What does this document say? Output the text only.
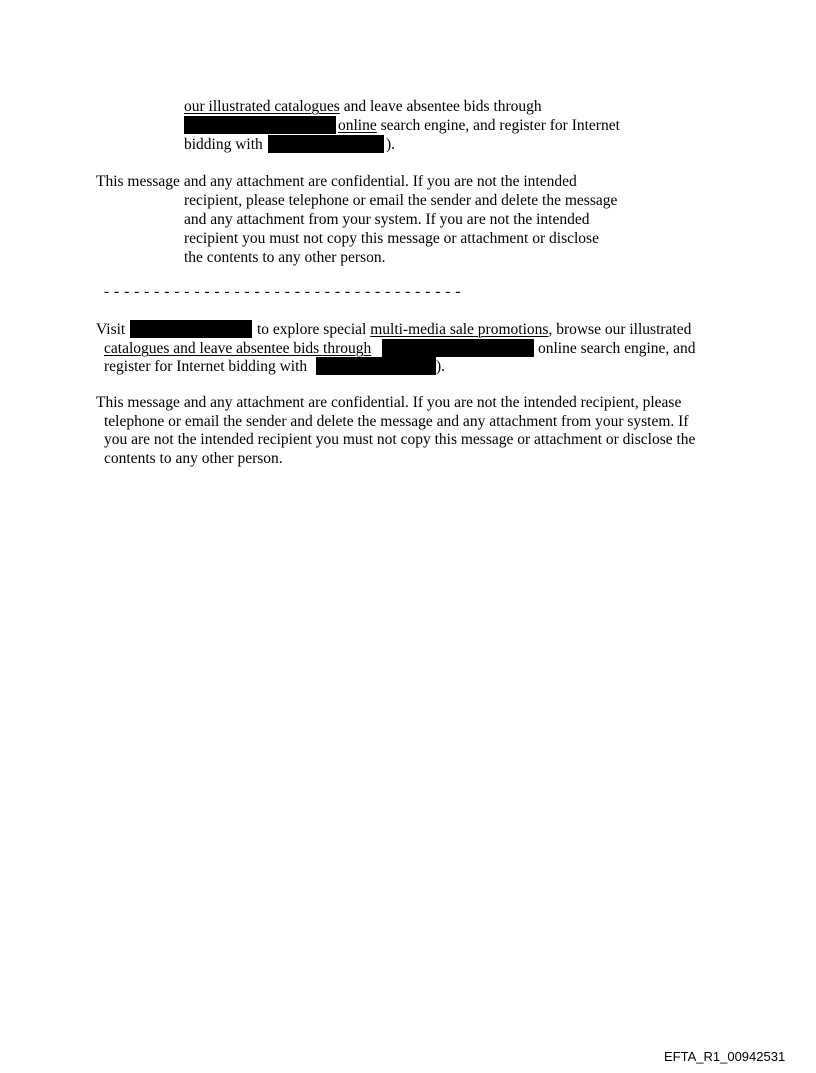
our illustrated catalogues and leave absentee bids through
online search engine, and register for Internet
bidding with	).
This message and any attachment are confidential. If you are not the intended
recipient, please telephone or email the sender and delete the message
and any attachment from your system. If you are not the intended
recipient you must not copy this message or attachment or disclose
the contents to any other person.
- - - - - - - - - - - - - - - - - - - - - - - - - - - - - - - - - - - -
Visit	to explore special multi-media sale promotions, browse our illustrated
catalogues and leave absentee bids through	online search engine, and
register for Internet bidding with	).
This message and any attachment are confidential. If you are not the intended recipient, please
telephone or email the sender and delete the message and any attachment from your system. If
you are not the intended recipient you must not copy this message or attachment or disclose the
contents to any other person.
EFTA_R1_00942531
